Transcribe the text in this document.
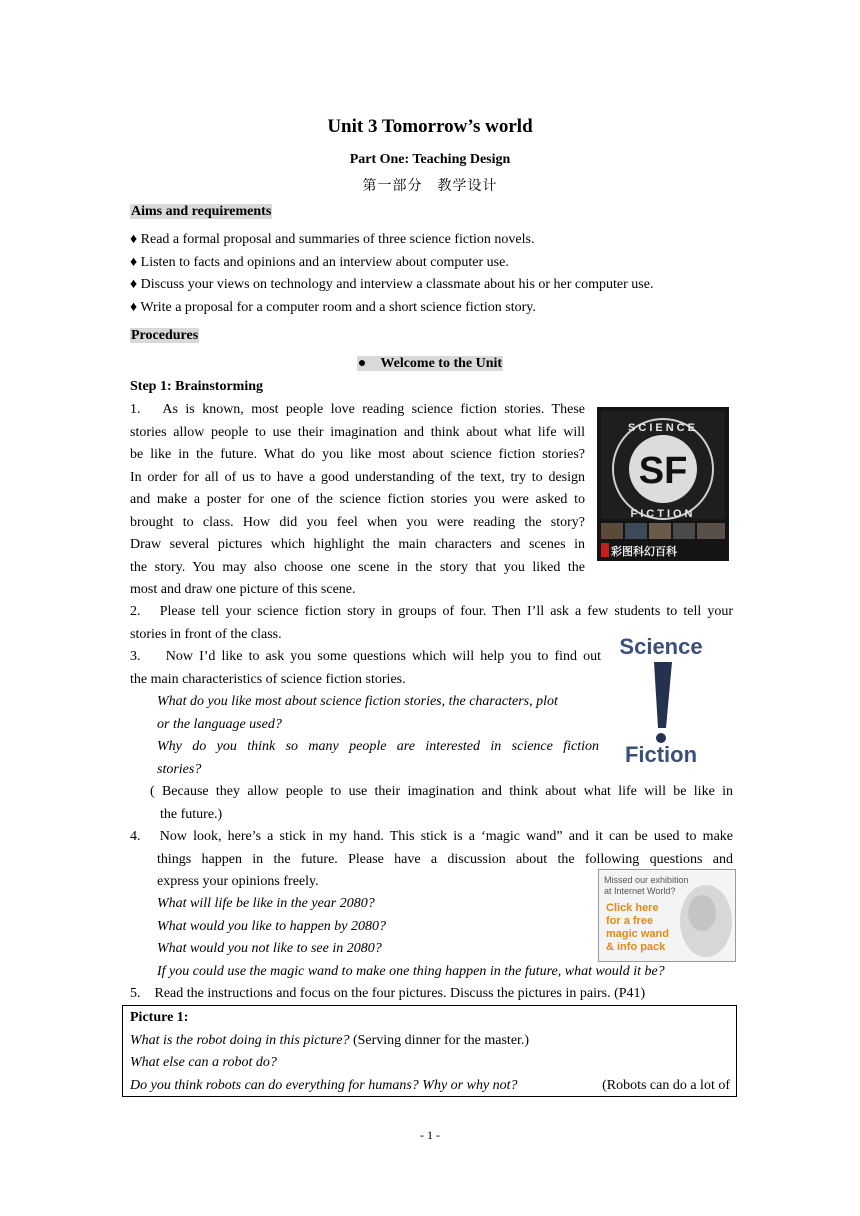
Unit 3 Tomorrow’s world
Part One: Teaching Design
第一部分　教学设计
Aims and requirements
♦ Read a formal proposal and summaries of three science fiction novels.
♦ Listen to facts and opinions and an interview about computer use.
♦ Discuss your views on technology and interview a classmate about his or her computer use.
♦ Write a proposal for a computer room and a short science fiction story.
Procedures
●　Welcome to the Unit
Step 1: Brainstorming
1.　As is known, most people love reading science fiction stories. These
stories allow people to use their imagination and think about what life will
be like in the future. What do you like most about science fiction stories?
In order for all of us to have a good understanding of the text, try to design
and make a poster for one of the science fiction stories you were asked to
brought to class. How did you feel when you were reading the story?
Draw several pictures which highlight the main characters and scenes in
the story. You may also choose one scene in the story that you liked the
most and draw one picture of this scene.
SF
SCIENCE
FICTION
彩图科幻百科
2.　Please tell your science fiction story in groups of four. Then I’ll ask a few students to tell your
stories in front of the class.
3.　 Now I’d like to ask you some questions which will help you to find out
the main characteristics of science fiction stories.
What do you like most about science fiction stories, the characters, plot
or the language used?
Why do you think so many people are interested in science fiction
stories?
Science
Fiction
( Because they allow people to use their imagination and think about what life will be like in
the future.)
4.　Now look, here’s a stick in my hand. This stick is a ‘magic wand” and it can be used to make
things happen in the future. Please have a discussion about the following questions and
express your opinions freely.
What will life be like in the year 2080?
What would you like to happen by 2080?
What would you not like to see in 2080?
If you could use the magic wand to make one thing happen in the future, what would it be?
Missed our exhibition
at Internet World?
Click here
for a free
magic wand
& info pack
5.　Read the instructions and focus on the four pictures. Discuss the pictures in pairs. (P41)
Picture 1:
What is the robot doing in this picture? (Serving dinner for the master.)
What else can a robot do?
Do you think robots can do everything for humans? Why or why not?	(Robots can do a lot of
- 1 -
